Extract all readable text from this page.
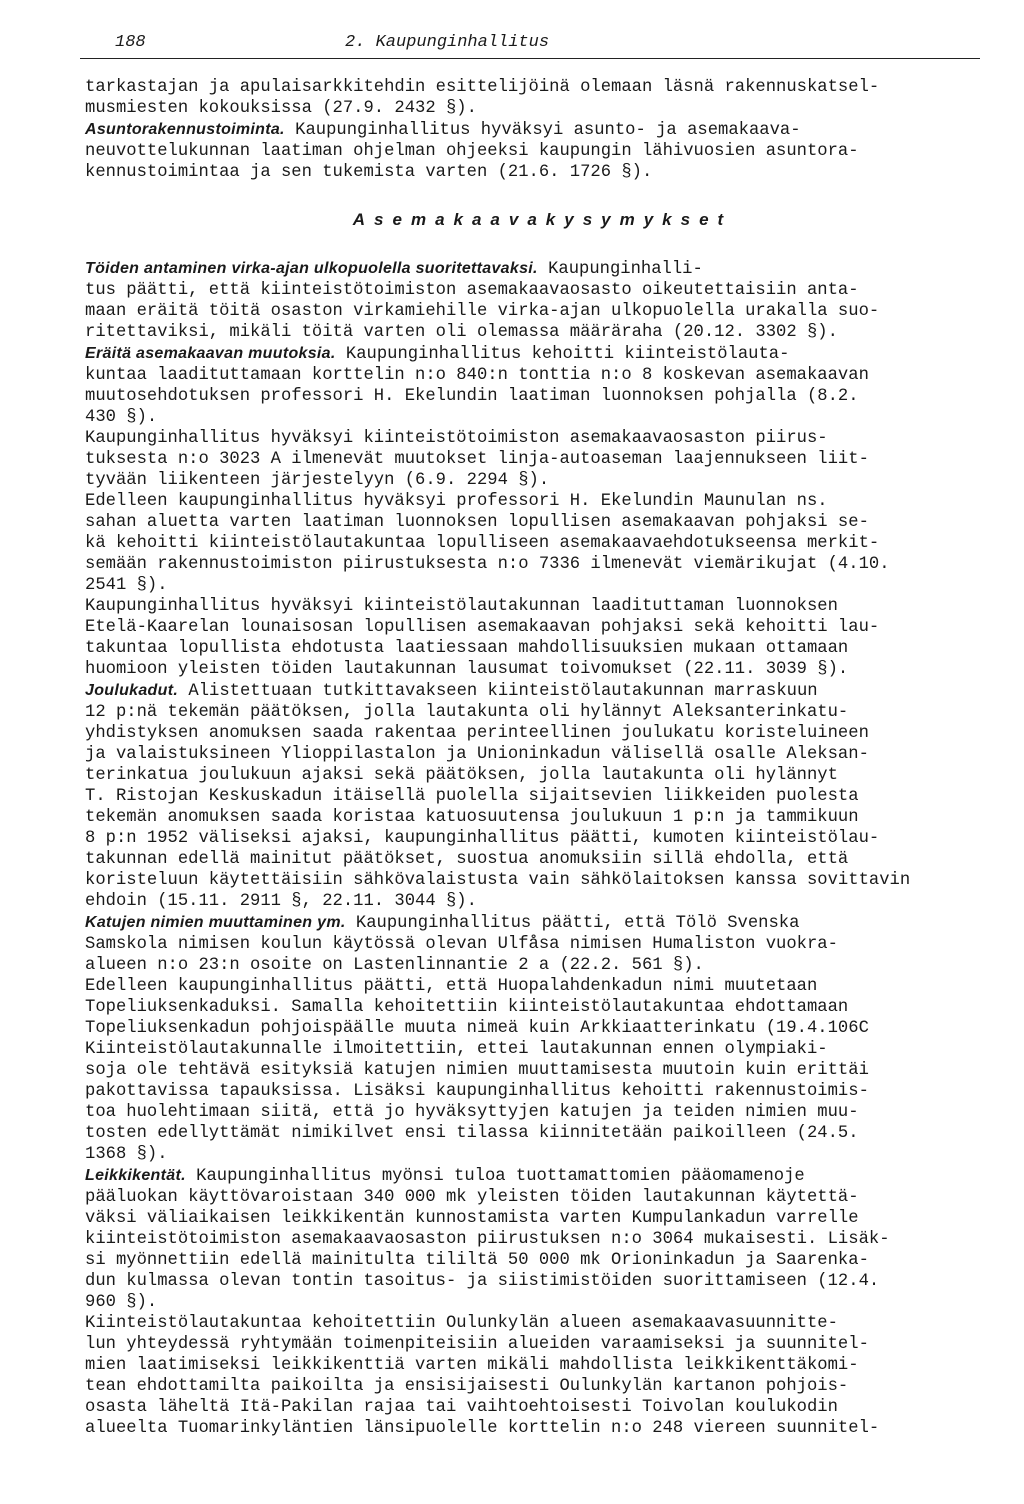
188	2. Kaupunginhallitus

tarkastajan ja apulaisarkkitehdin esittelijöinä olemaan läsnä rakennuskatsel-

musmiesten kokouksissa (27.9. 2432 §).

Asuntorakennustoiminta. Kaupunginhallitus hyväksyi asunto- ja asemakaava-

neuvottelukunnan laatiman ohjelman ohjeeksi kaupungin lähivuosien asuntora-

kennustoimintaa ja sen tukemista varten (21.6. 1726 §).

Asemakaavakysymykset

Töiden antaminen virka-ajan ulkopuolella suoritettavaksi. Kaupunginhalli-

tus päätti, että kiinteistötoimiston asemakaavaosasto oikeutettaisiin anta-

maan eräitä töitä osaston virkamiehille virka-ajan ulkopuolella urakalla suo-

ritettaviksi, mikäli töitä varten oli olemassa määräraha (20.12. 3302 §).

Eräitä asemakaavan muutoksia. Kaupunginhallitus kehoitti kiinteistölauta-

kuntaa laadituttamaan korttelin n:o 840:n tonttia n:o 8 koskevan asemakaavan

muutosehdotuksen professori H. Ekelundin laatiman luonnoksen pohjalla (8.2.

430 §).

Kaupunginhallitus hyväksyi kiinteistötoimiston asemakaavaosaston piirus-

tuksesta n:o 3023 A ilmenevät muutokset linja-autoaseman laajennukseen liit-

tyvään liikenteen järjestelyyn (6.9. 2294 §).

Edelleen kaupunginhallitus hyväksyi professori H. Ekelundin Maunulan ns.

sahan aluetta varten laatiman luonnoksen lopullisen asemakaavan pohjaksi se-

kä kehoitti kiinteistölautakuntaa lopulliseen asemakaavaehdotukseensa merkit-

semään rakennustoimiston piirustuksesta n:o 7336 ilmenevät viemärikujat (4.10.

2541 §).

Kaupunginhallitus hyväksyi kiinteistölautakunnan laadituttaman luonnoksen

Etelä-Kaarelan lounaisosan lopullisen asemakaavan pohjaksi sekä kehoitti lau-

takuntaa lopullista ehdotusta laatiessaan mahdollisuuksien mukaan ottamaan

huomioon yleisten töiden lautakunnan lausumat toivomukset (22.11. 3039 §).

Joulukadut. Alistettuaan tutkittavakseen kiinteistölautakunnan marraskuun

12 p:nä tekemän päätöksen, jolla lautakunta oli hylännyt Aleksanterinkatu-

yhdistyksen anomuksen saada rakentaa perinteellinen joulukatu koristeluineen

ja valaistuksineen Ylioppilastalon ja Unioninkadun välisellä osalle Aleksan-

terinkatua joulukuun ajaksi sekä päätöksen, jolla lautakunta oli hylännyt

T. Ristojan Keskuskadun itäisellä puolella sijaitsevien liikkeiden puolesta

tekemän anomuksen saada koristaa katuosuutensa joulukuun 1 p:n ja tammikuun

8 p:n 1952 väliseksi ajaksi, kaupunginhallitus päätti, kumoten kiinteistölau-

takunnan edellä mainitut päätökset, suostua anomuksiin sillä ehdolla, että

koristeluun käytettäisiin sähkövalaistusta vain sähkölaitoksen kanssa sovittavin

ehdoin (15.11. 2911 §, 22.11. 3044 §).

Katujen nimien muuttaminen ym. Kaupunginhallitus päätti, että Tölö Svenska

Samskola nimisen koulun käytössä olevan Ulfåsa nimisen Humaliston vuokra-

alueen n:o 23:n osoite on Lastenlinnantie 2 a (22.2. 561 §).

Edelleen kaupunginhallitus päätti, että Huopalahdenkadun nimi muutetaan

Topeliuksenkaduksi. Samalla kehoitettiin kiinteistölautakuntaa ehdottamaan

Topeliuksenkadun pohjoispäälle muuta nimeä kuin Arkkiaatterinkatu (19.4.106C

Kiinteistölautakunnalle ilmoitettiin, ettei lautakunnan ennen olympiaki-

soja ole tehtävä esityksiä katujen nimien muuttamisesta muutoin kuin erittäi

pakottavissa tapauksissa. Lisäksi kaupunginhallitus kehoitti rakennustoimis-

toa huolehtimaan siitä, että jo hyväksyttyjen katujen ja teiden nimien muu-

tosten edellyttämät nimikilvet ensi tilassa kiinnitetään paikoilleen (24.5.

1368 §).

Leikkikentät. Kaupunginhallitus myönsi tuloa tuottamattomien pääomamenoje

pääluokan käyttövaroistaan 340 000 mk yleisten töiden lautakunnan käytettä-

väksi väliaikaisen leikkikentän kunnostamista varten Kumpulankadun varrelle

kiinteistötoimiston asemakaavaosaston piirustuksen n:o 3064 mukaisesti. Lisäk-

si myönnettiin edellä mainitulta tililtä 50 000 mk Orioninkadun ja Saarenka-

dun kulmassa olevan tontin tasoitus- ja siistimistöiden suorittamiseen (12.4.

960 §).

Kiinteistölautakuntaa kehoitettiin Oulunkylän alueen asemakaavasuunnitte-

lun yhteydessä ryhtymään toimenpiteisiin alueiden varaamiseksi ja suunnitel-

mien laatimiseksi leikkikenttiä varten mikäli mahdollista leikkikenttäkomi-

tean ehdottamilta paikoilta ja ensisijaisesti Oulunkylän kartanon pohjois-

osasta läheltä Itä-Pakilan rajaa tai vaihtoehtoisesti Toivolan koulukodin

alueelta Tuomarinkyläntien länsipuolelle korttelin n:o 248 viereen suunnitel-
